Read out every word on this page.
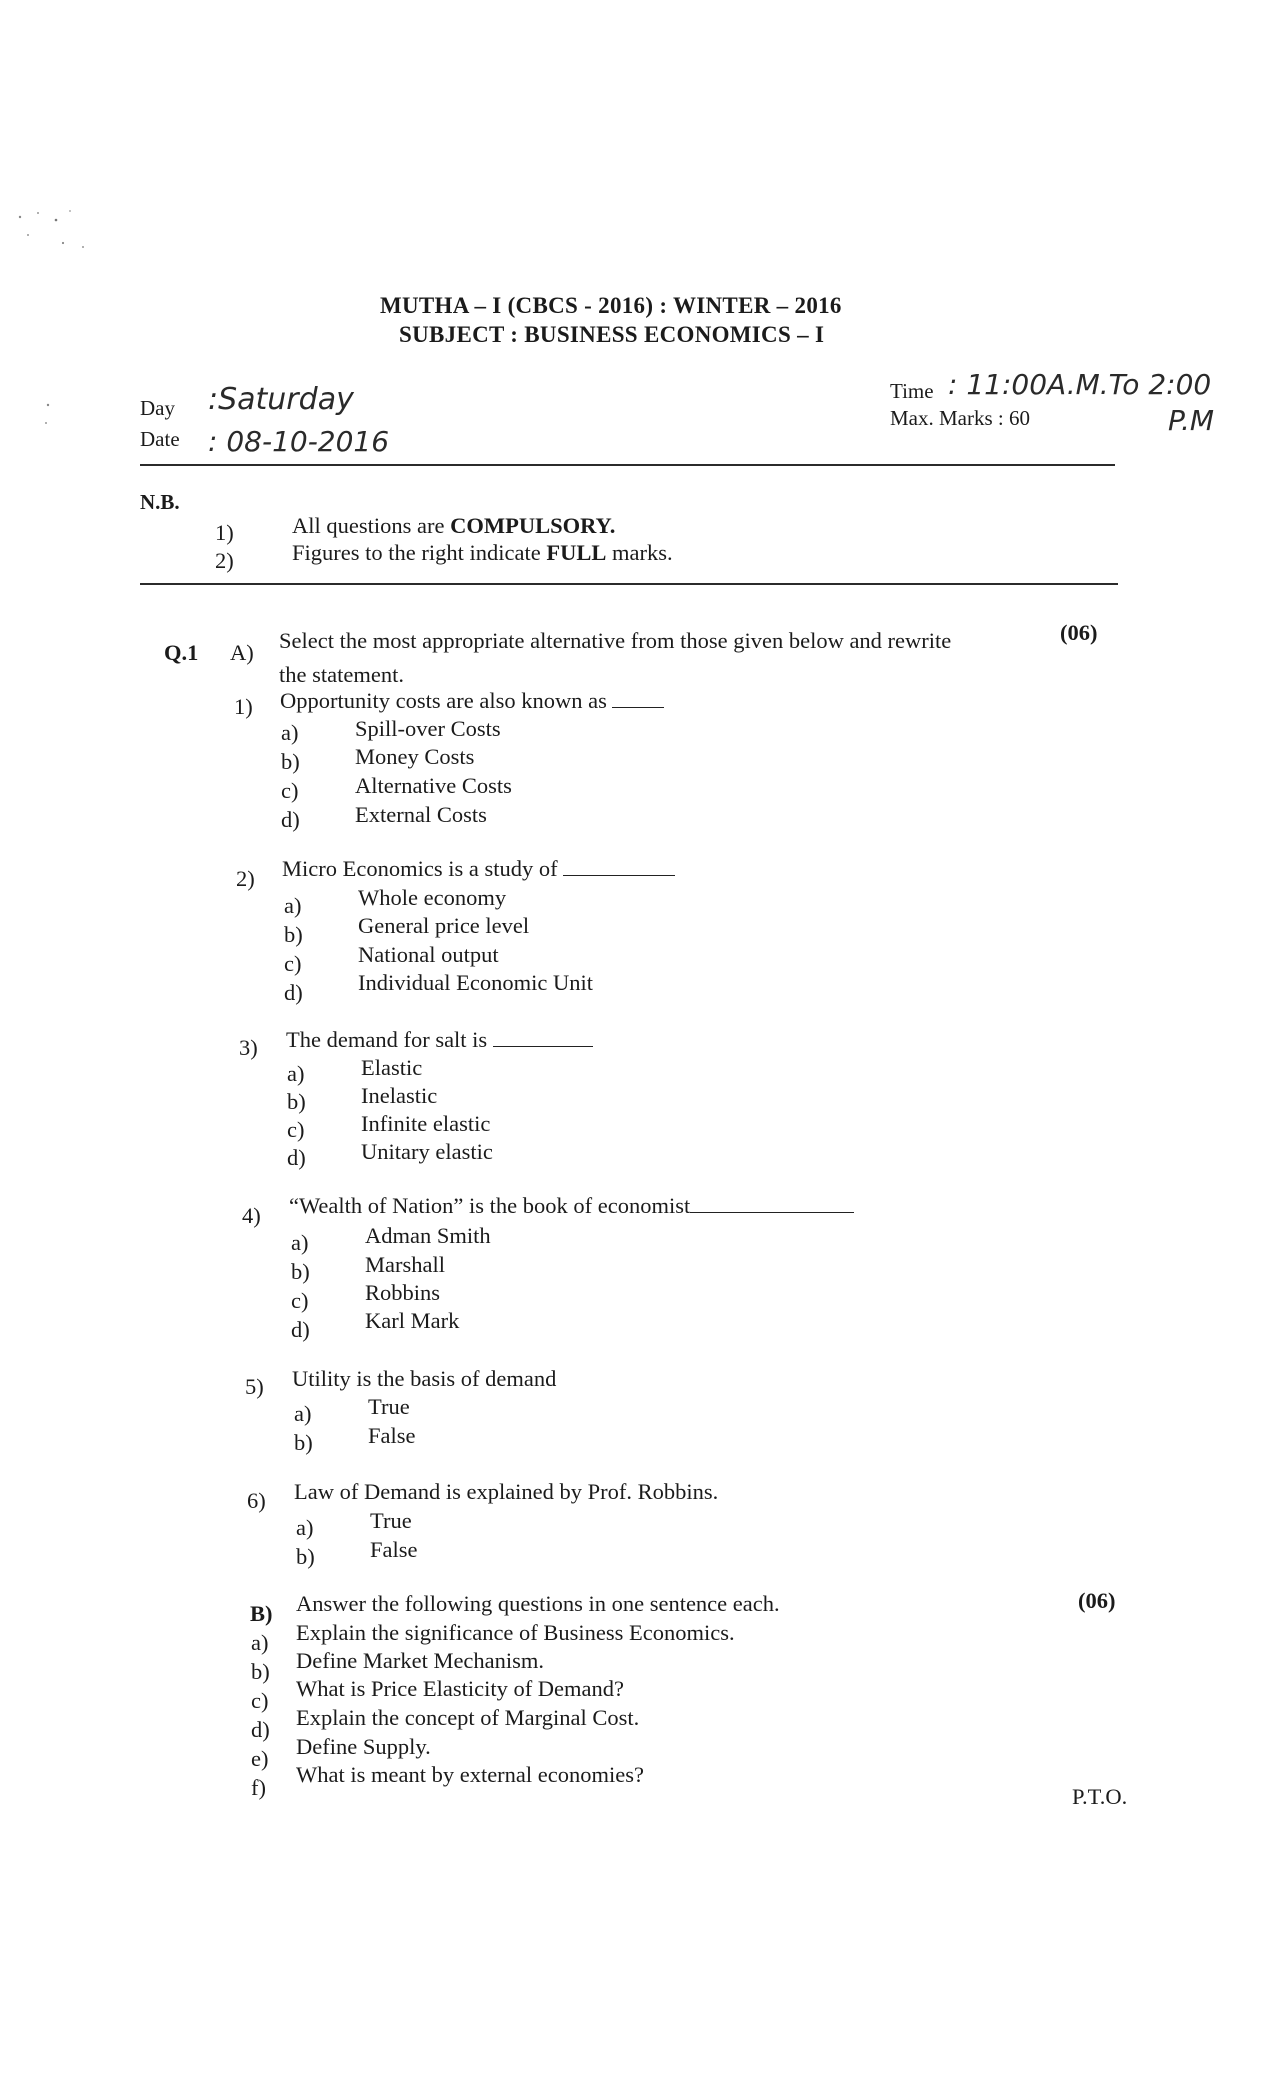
MUTHA – I (CBCS - 2016) : WINTER – 2016
SUBJECT : BUSINESS ECONOMICS – I
Day :Saturday
Date : 08-10-2016
Time : 11:00A.M.To 2:00
Max. Marks : 60	P.M
N.B.
1)	All questions are COMPULSORY.
2)	Figures to the right indicate FULL marks.
Q.1 A) Select the most appropriate alternative from those given below and rewrite
the statement.
(06)
1) Opportunity costs are also known as
a)	Spill-over Costs
b) Money Costs
c)	Alternative Costs
d) External Costs
2) Micro Economics is a study of
a)	Whole economy
b) General price level
c)	National output
d) Individual Economic Unit
3) The demand for salt is
a)	Elastic
b) Inelastic
c)	Infinite elastic
d) Unitary elastic
4) “Wealth of Nation” is the book of economist
a)	Adman Smith
b) Marshall
c)	Robbins
d) Karl Mark
5) Utility is the basis of demand
a)	True
b) False
6) Law of Demand is explained by Prof. Robbins.
a)	True
b) False
B) Answer the following questions in one sentence each.	(06)
a) Explain the significance of Business Economics.
b) Define Market Mechanism.
c) What is Price Elasticity of Demand?
d) Explain the concept of Marginal Cost.
e) Define Supply.
f)
What is meant by external economies?
P.T.O.
